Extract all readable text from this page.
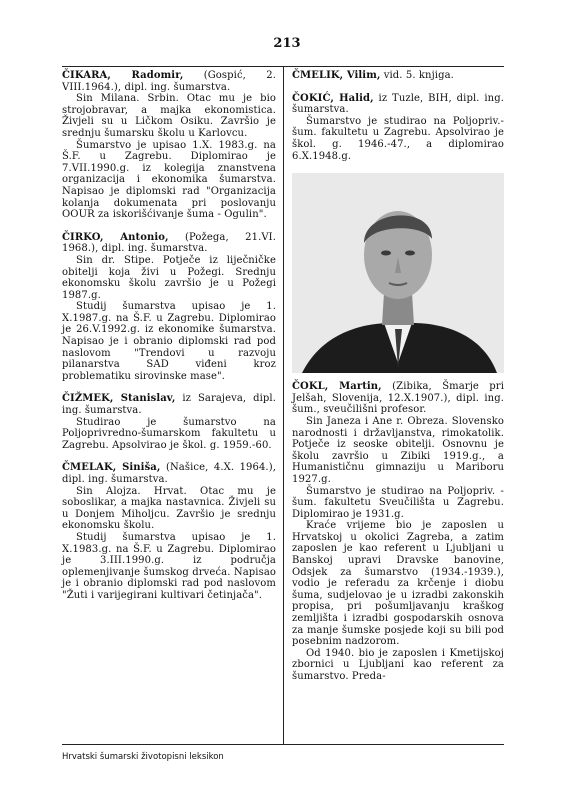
213

ČIKARA, Radomir, (Gospić, 2. VIII.1964.), dipl. ing. šumarstva.

Sin Milana. Srbin. Otac mu je bio strojobravar, a majka ekonomistica. Živjeli su u Ličkom Osiku. Završio je srednju šumarsku školu u Karlovcu.

Šumarstvo je upisao 1.X. 1983.g. na Š.F. u Zagrebu. Diplomirao je 7.VII.1990.g. iz kolegija znanstvena organizacija i ekonomika šumarstva. Napisao je diplomski rad "Organizacija kolanja dokumenata pri poslovanju OOUR za iskorišćivanje šuma - Ogulin".

ČIRKO, Antonio, (Požega, 21.VI. 1968.), dipl. ing. šumarstva.

Sin dr. Stipe. Potječe iz liječničke obitelji koja živi u Požegi. Srednju ekonomsku školu završio je u Požegi 1987.g.

Studij šumarstva upisao je 1. X.1987.g. na Š.F. u Zagrebu. Diplomirao je 26.V.1992.g. iz ekonomike šumarstva. Napisao je i obranio diplomski rad pod naslovom "Trendovi u razvoju pilanarstva SAD viđeni kroz problematiku sirovinske mase".

ČIŽMEK, Stanislav, iz Sarajeva, dipl. ing. šumarstva.

Studirao je šumarstvo na Poljoprivredno-šumarskom fakultetu u Zagrebu. Apsolvirao je škol. g. 1959.-60.

ČMELAK, Siniša, (Našice, 4.X. 1964.), dipl. ing. šumarstva.

Sin Alojza. Hrvat. Otac mu je soboslikar, a majka nastavnica. Živjeli su u Donjem Miholjcu. Završio je srednju ekonomsku školu.

Studij šumarstva upisao je 1. X.1983.g. na Š.F. u Zagrebu. Diplomirao je 3.III.1990.g. iz područja oplemenjivanje šumskog drveća. Napisao je i obranio diplomski rad pod naslovom "Žuti i varijegirani kultivari četinjača".

ČMELIK, Vilim, vid. 5. knjiga.

ČOKIĆ, Halid, iz Tuzle, BIH, dipl. ing. šumarstva.

Šumarstvo je studirao na Poljopriv.-šum. fakultetu u Zagrebu. Apsolvirao je škol. g. 1946.-47., a diplomirao 6.X.1948.g.

ČOKL, Martin, (Zibika, Šmarje pri Jelšah, Slovenija, 12.X.1907.), dipl. ing. šum., sveučilišni profesor.

Sin Janeza i Ane r. Obreza. Slovensko narodnosti i državljanstva, rimokatolik. Potječe iz seoske obitelji. Osnovnu je školu završio u Zibiki 1919.g., a Humanističnu gimnaziju u Mariboru 1927.g.

Šumarstvo je studirao na Poljopriv. - šum. fakultetu Sveučilišta u Zagrebu. Diplomirao je 1931.g.

Kraće vrijeme bio je zaposlen u Hrvatskoj u okolici Zagreba, a zatim zaposlen je kao referent u Ljubljani u Banskoj upravi Dravske banovine, Odsjek za šumarstvo (1934.-1939.), vodio je referadu za krčenje i diobu šuma, sudjelovao je u izradbi zakonskih propisa, pri pošumljavanju kraškog zemljišta i izradbi gospodarskih osnova za manje šumske posjede koji su bili pod posebnim nadzorom.

Od 1940. bio je zaposlen i Kmetijskoj zbornici u Ljubljani kao referent za šumarstvo. Preda-

Hrvatski šumarski životopisni leksikon
